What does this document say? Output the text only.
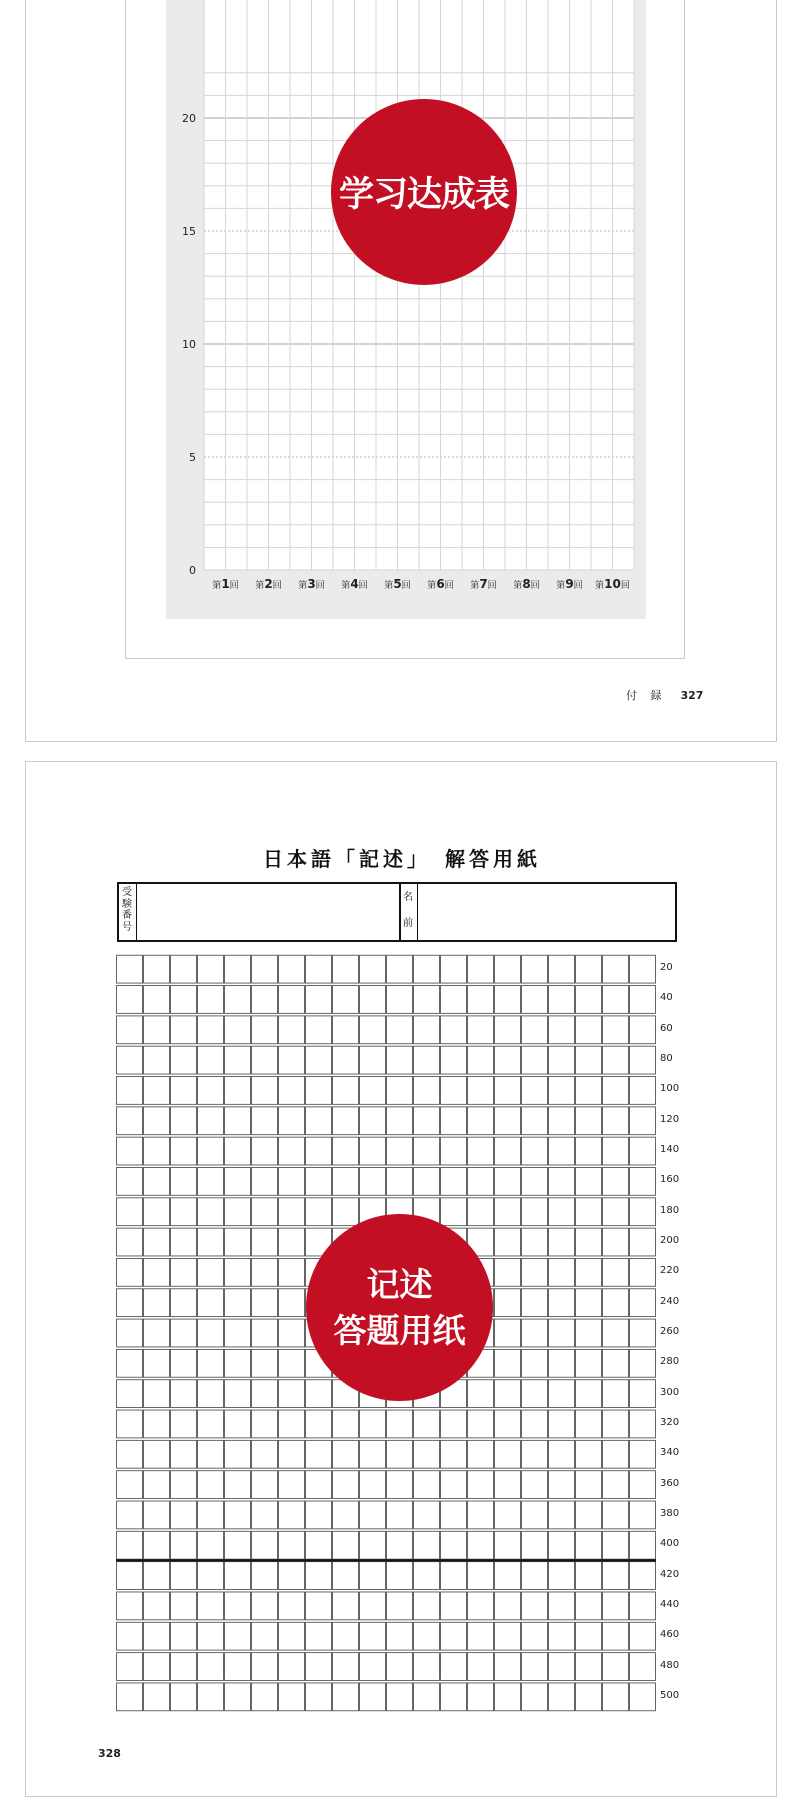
0
5
10
15
20
第1回 第2回 第3回 第4回 第5回 第6回 第7回 第8回 第9回 第10回
学习达成表
付 録 327
日本語「記述」　解答用紙
受験番号
名
前
20
40
60
80
100
120
140
160
180
200
220
240
260
280
300
320
340
360
380
400
420
440
460
480
500
记述
答题用纸
328
